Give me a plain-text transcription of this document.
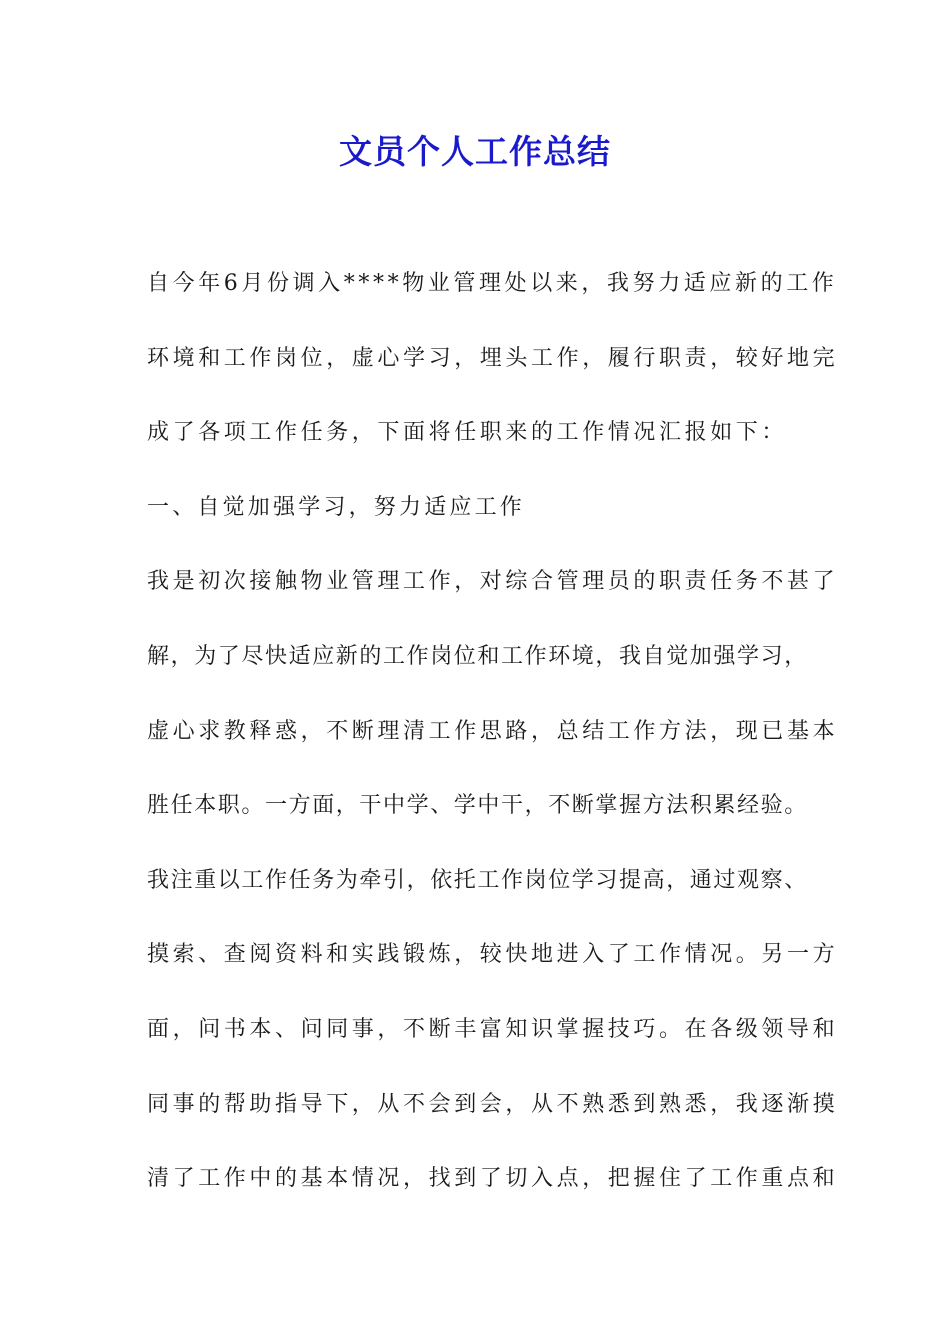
文员个人工作总结
自今年6月份调入****物业管理处以来，我努力适应新的工作
环境和工作岗位，虚心学习，埋头工作，履行职责，较好地完
成了各项工作任务，下面将任职来的工作情况汇报如下：
一、自觉加强学习，努力适应工作
我是初次接触物业管理工作，对综合管理员的职责任务不甚了
解，为了尽快适应新的工作岗位和工作环境，我自觉加强学习，
虚心求教释惑，不断理清工作思路，总结工作方法，现已基本
胜任本职。一方面，干中学、学中干，不断掌握方法积累经验。
我注重以工作任务为牵引，依托工作岗位学习提高，通过观察、
摸索、查阅资料和实践锻炼，较快地进入了工作情况。另一方
面，问书本、问同事，不断丰富知识掌握技巧。在各级领导和
同事的帮助指导下，从不会到会，从不熟悉到熟悉，我逐渐摸
清了工作中的基本情况，找到了切入点，把握住了工作重点和
